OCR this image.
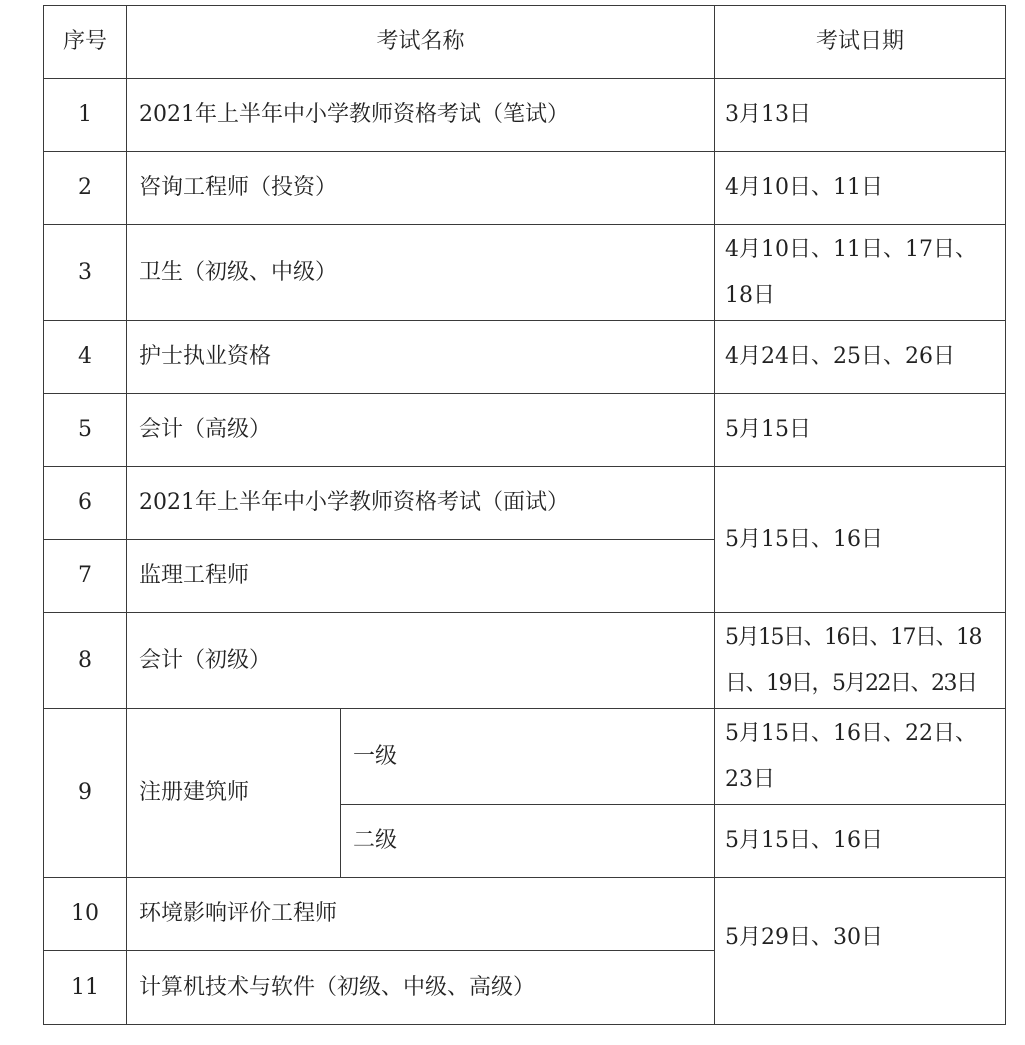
序号	考试名称		考试日期
1	2021年上半年中小学教师资格考试（笔试）		3月13日
2	咨询工程师（投资）		4月10日、11日
3	卫生（初级、中级）		4月10日、11日、17日、18日
4	护士执业资格		4月24日、25日、26日
5	会计（高级）		5月15日
6	2021年上半年中小学教师资格考试（面试）		5月15日、16日
7	监理工程师		
8	会计（初级）		5月15日、16日、17日、18日、19日，5月22日、23日
9	注册建筑师	一级	5月15日、16日、22日、23日
		二级	5月15日、16日
10	环境影响评价工程师		5月29日、30日
11	计算机技术与软件（初级、中级、高级）		
